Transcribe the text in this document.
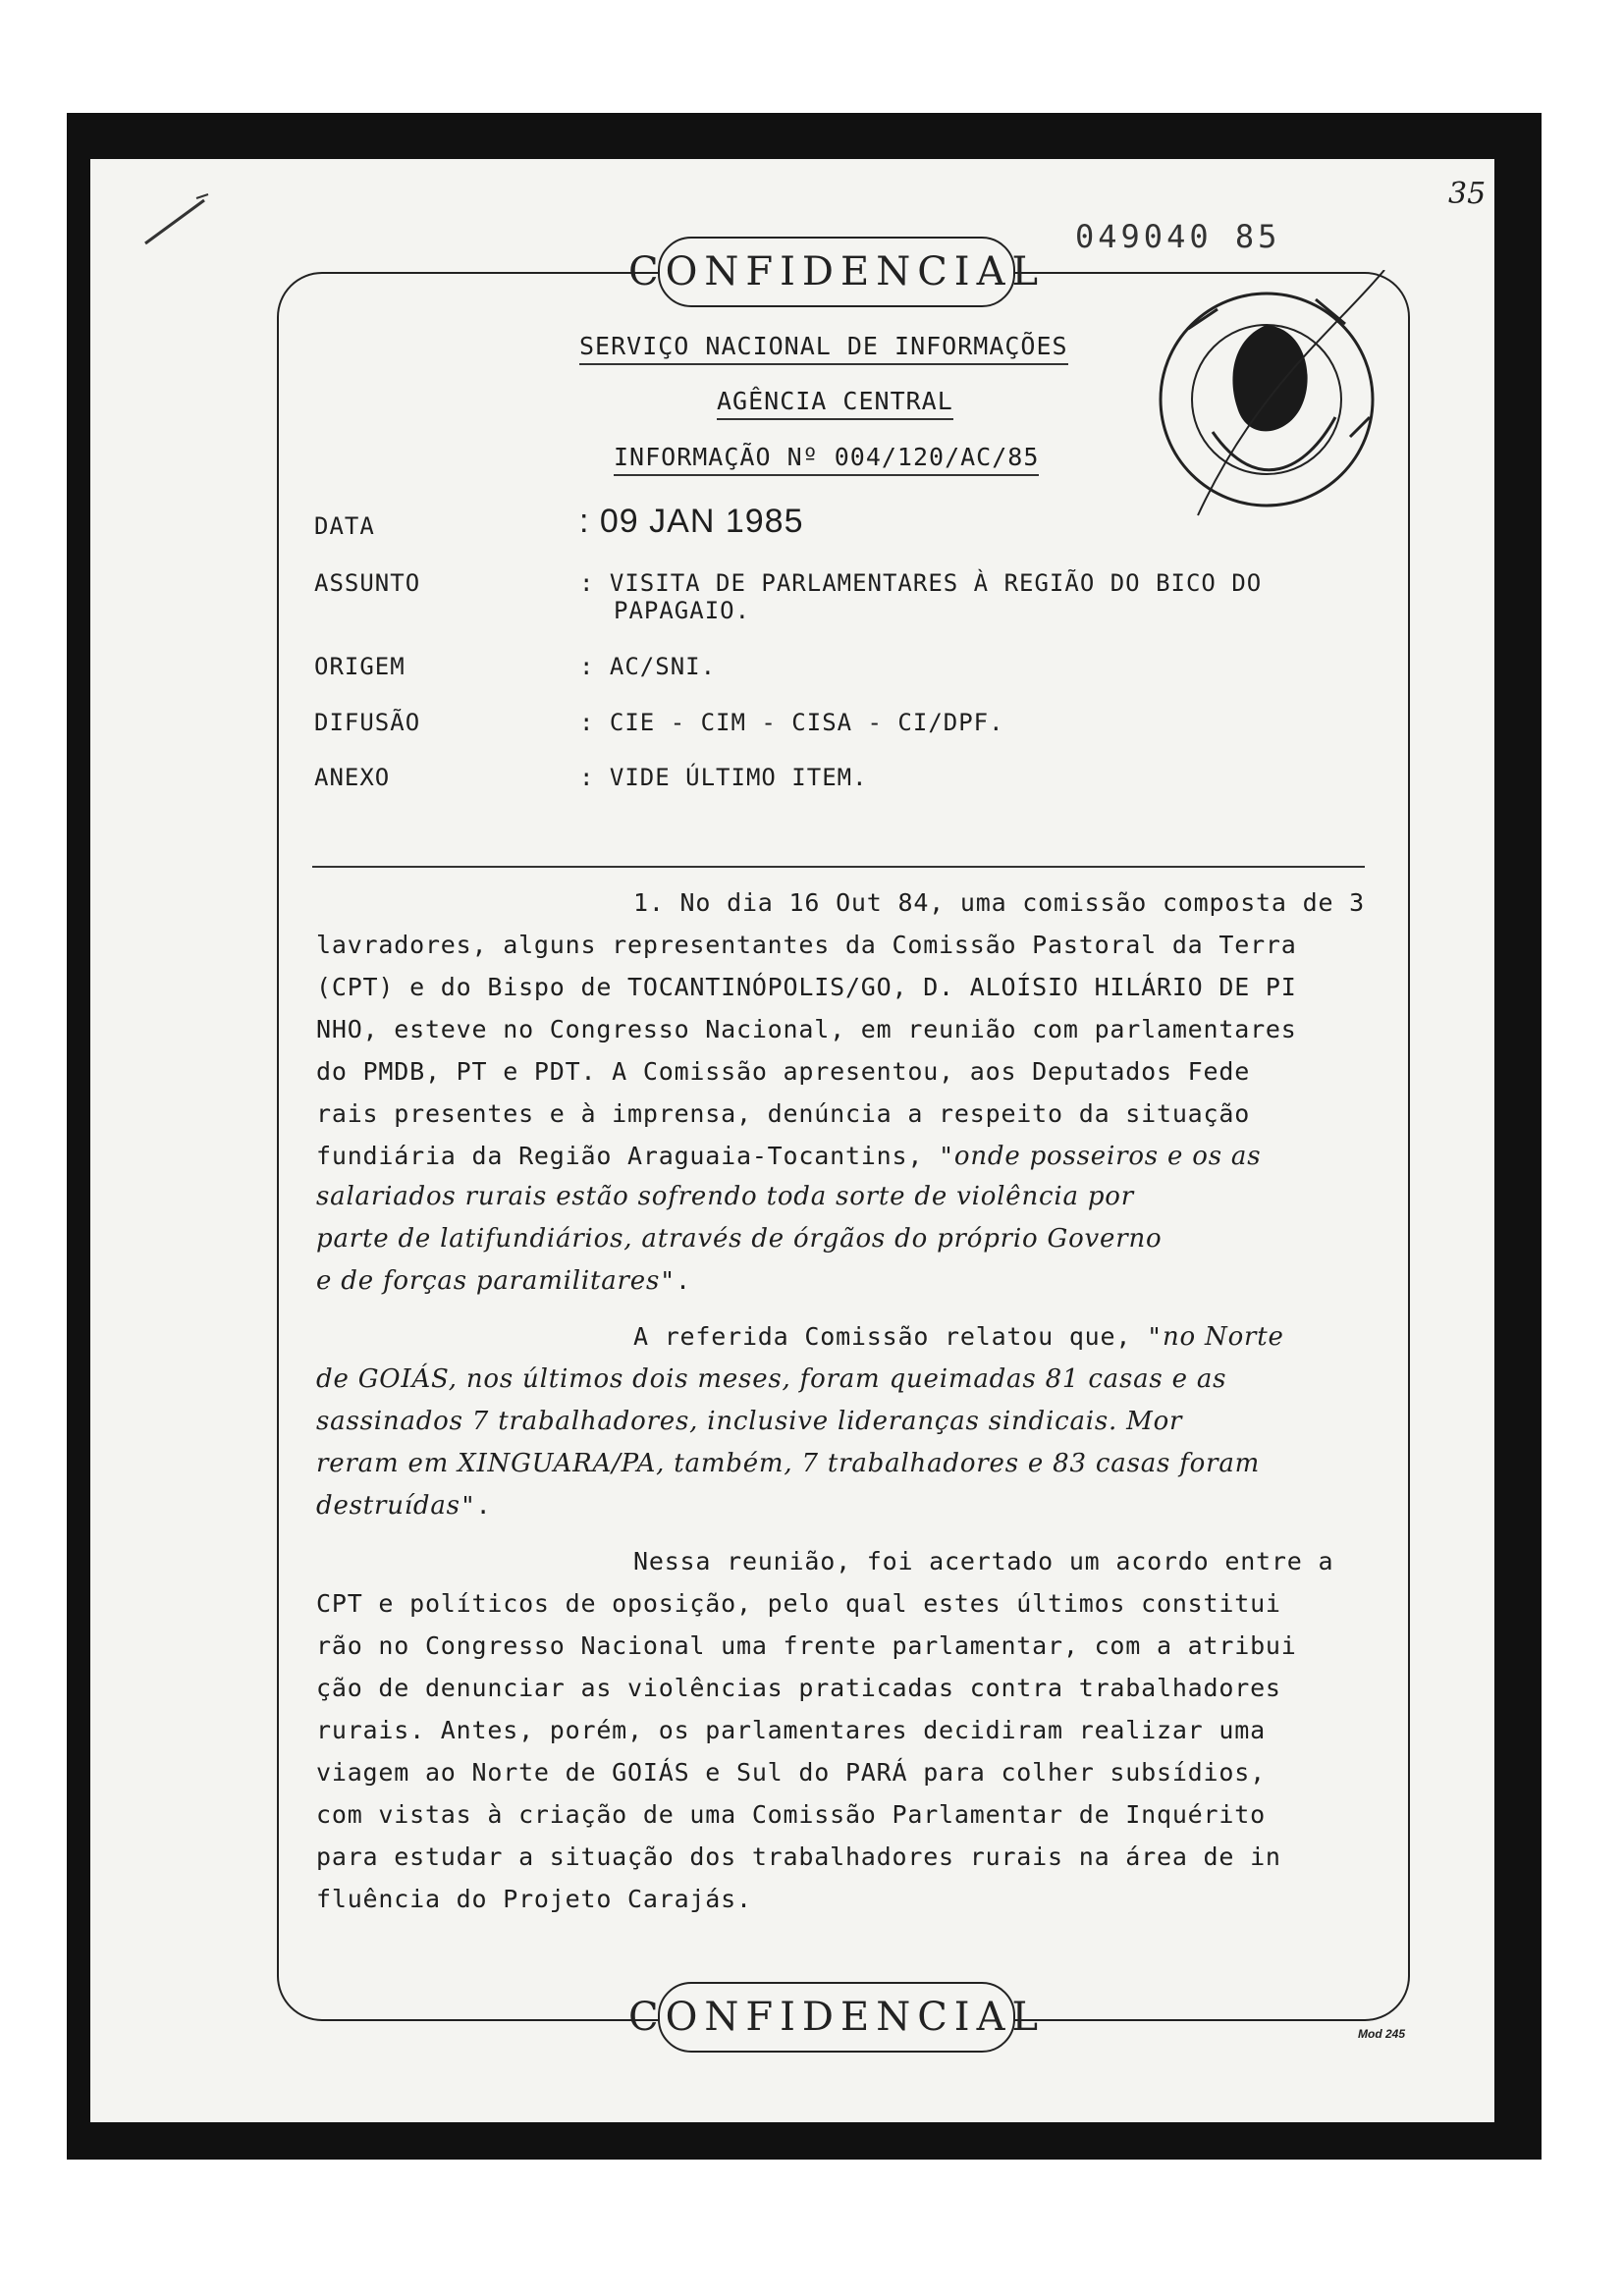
35
049040 85
CONFIDENCIAL
SERVIÇO NACIONAL DE INFORMAÇÕES
AGÊNCIA CENTRAL
INFORMAÇÃO Nº 004/120/AC/85
DATA	: 09 JAN 1985
ASSUNTO	: VISITA DE PARLAMENTARES À REGIÃO DO BICO DO
PAPAGAIO.
ORIGEM	: AC/SNI.
DIFUSÃO	: CIE - CIM - CISA - CI/DPF.
ANEXO	: VIDE ÚLTIMO ITEM.
1. No dia 16 Out 84, uma comissão composta de 3
lavradores, alguns representantes da Comissão Pastoral da Terra
(CPT) e do Bispo de TOCANTINÓPOLIS/GO, D. ALOÍSIO HILÁRIO DE PI
NHO, esteve no Congresso Nacional, em reunião com parlamentares
do PMDB, PT e PDT. A Comissão apresentou, aos Deputados Fede
rais presentes e à imprensa, denúncia a respeito da situação
fundiária da Região Araguaia-Tocantins, "onde posseiros e os as
salariados rurais estão sofrendo toda sorte de violência por
parte de latifundiários, através de órgãos do próprio Governo
e de forças paramilitares".
A referida Comissão relatou que, "no Norte
de GOIÁS, nos últimos dois meses, foram queimadas 81 casas e as
sassinados 7 trabalhadores, inclusive lideranças sindicais. Mor
reram em XINGUARA/PA, também, 7 trabalhadores e 83 casas foram
destruídas".
Nessa reunião, foi acertado um acordo entre a
CPT e políticos de oposição, pelo qual estes últimos constitui
rão no Congresso Nacional uma frente parlamentar, com a atribui
ção de denunciar as violências praticadas contra trabalhadores
rurais. Antes, porém, os parlamentares decidiram realizar uma
viagem ao Norte de GOIÁS e Sul do PARÁ para colher subsídios,
com vistas à criação de uma Comissão Parlamentar de Inquérito
para estudar a situação dos trabalhadores rurais na área de in
fluência do Projeto Carajás.
CONFIDENCIAL	Mod 245
